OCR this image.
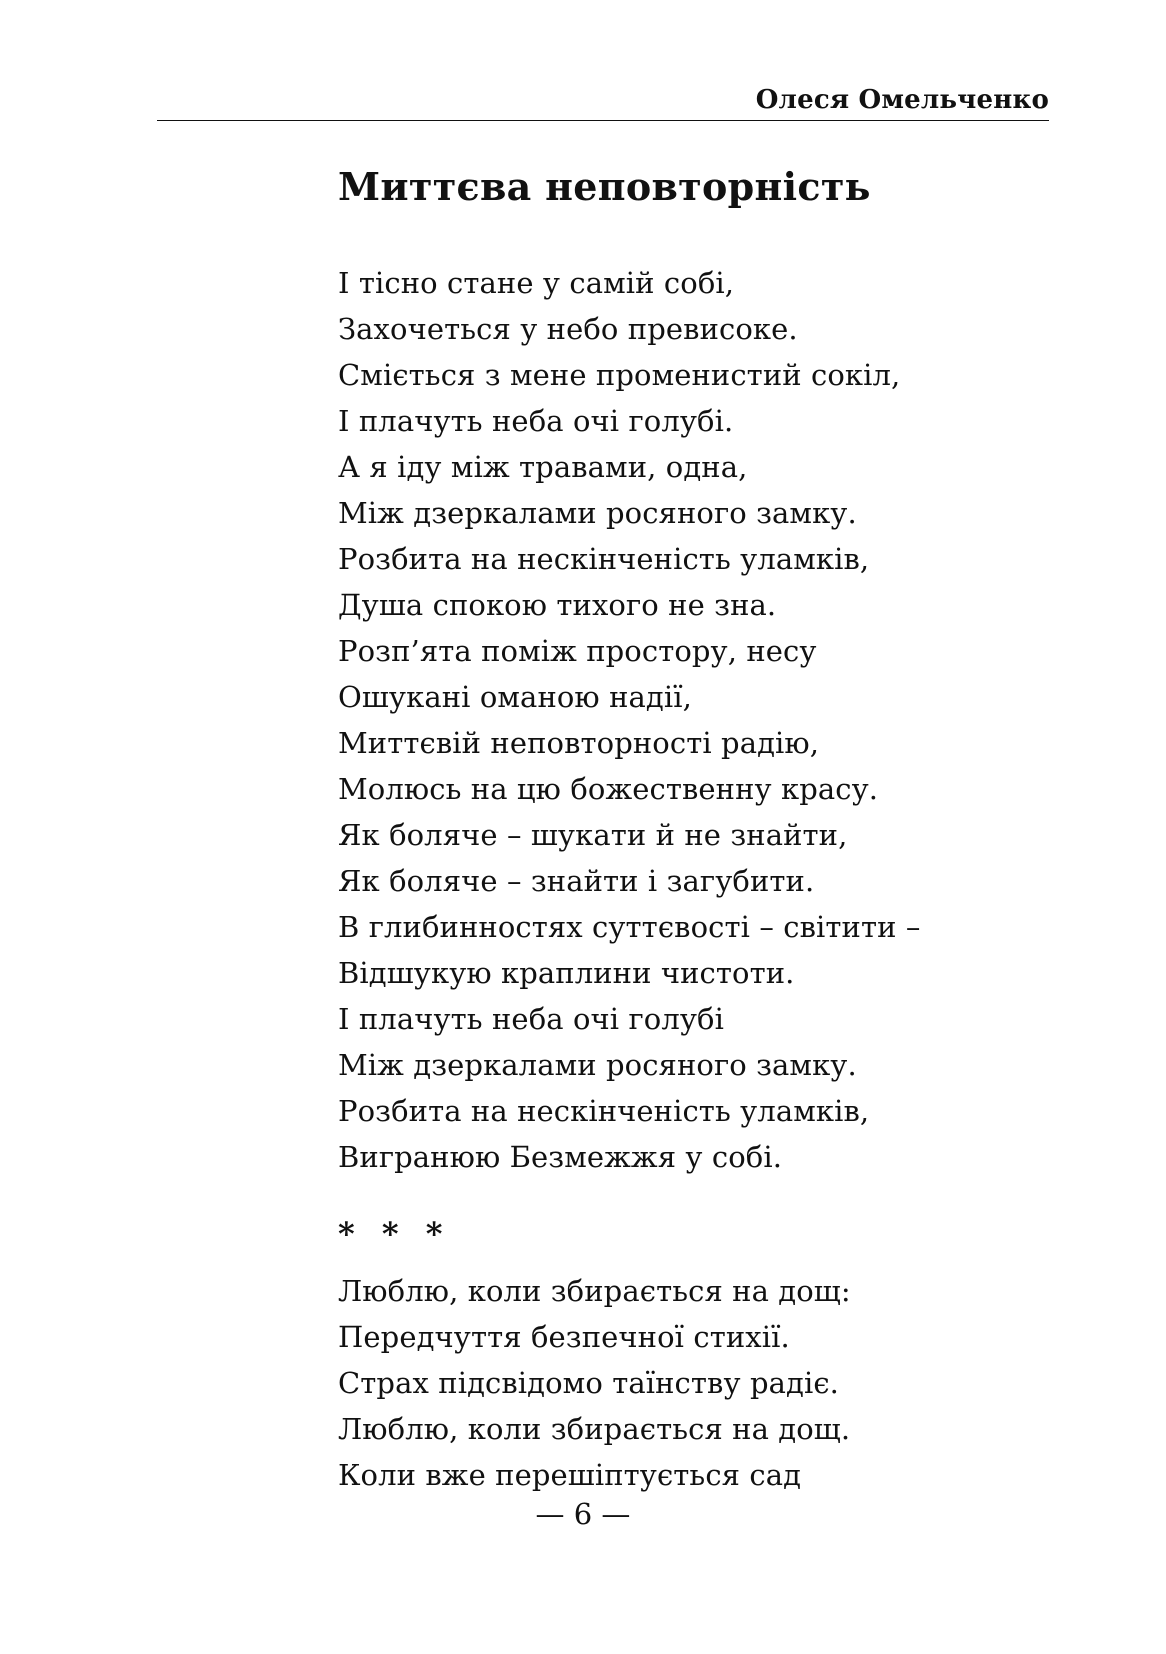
Олеся Омельченко
Миттєва неповторність
І тісно стане у самій собі,
Захочеться у небо превисоке.
Сміється з мене променистий сокіл,
І плачуть неба очі голубі.
А я іду між травами, одна,
Між дзеркалами росяного замку.
Розбита на нескінченість уламків,
Душа спокою тихого не зна.
Розп’ята поміж простору, несу
Ошукані оманою надії,
Миттєвій неповторності радію,
Молюсь на цю божественну красу.
Як боляче – шукати й не знайти,
Як боляче – знайти і загубити.
В глибинностях суттєвості – світити –
Відшукую краплини чистоти.
І плачуть неба очі голубі
Між дзеркалами росяного замку.
Розбита на нескінченість уламків,
Вигранюю Безмежжя у собі.
* * *
Люблю, коли збирається на дощ:
Передчуття безпечної стихії.
Страх підсвідомо таїнству радіє.
Люблю, коли збирається на дощ.
Коли вже перешіптується сад
— 6 —
